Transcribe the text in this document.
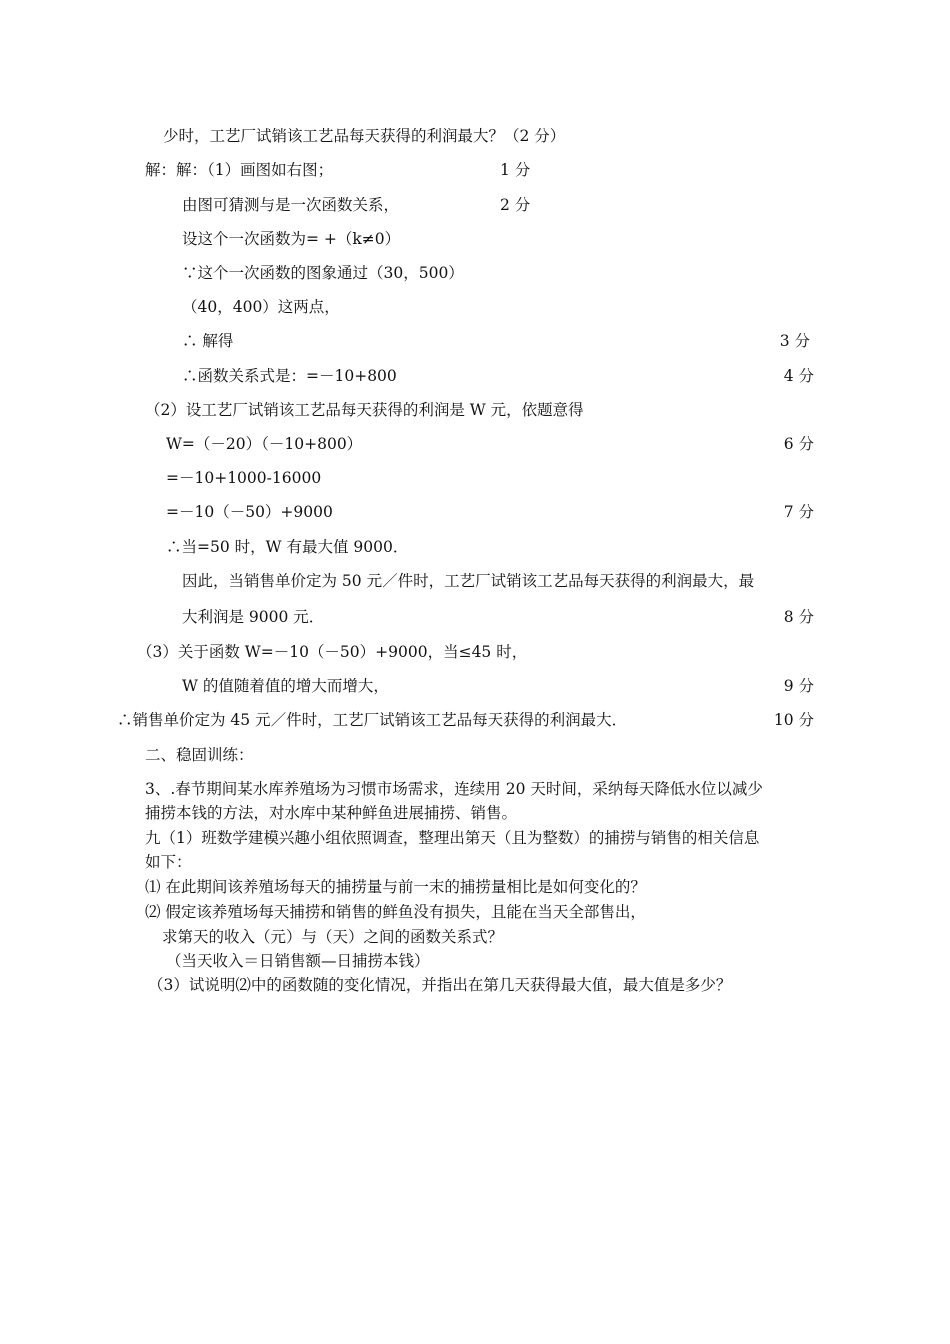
少时，工艺厂试销该工艺品每天获得的利润最大？（2 分）
解：解：（1）画图如右图；	1 分
由图可猜测与是一次函数关系，	2 分
设这个一次函数为= +（k≠0）
∵这个一次函数的图象通过（30，500）
（40，400）这两点，
∴ 解得	3 分
∴函数关系式是：=－10+800	4 分
（2）设工艺厂试销该工艺品每天获得的利润是 W 元，依题意得
W=（－20）（－10+800）	6 分
=－10+1000-16000
=－10（－50）+9000	7 分
∴当=50 时，W 有最大值 9000．
因此，当销售单价定为 50 元／件时，工艺厂试销该工艺品每天获得的利润最大，最
大利润是 9000 元．	8 分
（3）关于函数 W=－10（－50）+9000，当≤45 时，
W 的值随着值的增大而增大，	9 分
∴销售单价定为 45 元／件时，工艺厂试销该工艺品每天获得的利润最大．	10 分
二、稳固训练：
3、.春节期间某水库养殖场为习惯市场需求，连续用 20 天时间，采纳每天降低水位以减少
捕捞本钱的方法，对水库中某种鲜鱼进展捕捞、销售。
九（1）班数学建模兴趣小组依照调查，整理出第天（且为整数）的捕捞与销售的相关信息
如下：
⑴ 在此期间该养殖场每天的捕捞量与前一末的捕捞量相比是如何变化的？
⑵ 假定该养殖场每天捕捞和销售的鲜鱼没有损失，且能在当天全部售出，
求第天的收入（元）与（天）之间的函数关系式？
（当天收入＝日销售额—日捕捞本钱）
（3）试说明⑵中的函数随的变化情况，并指出在第几天获得最大值，最大值是多少？
